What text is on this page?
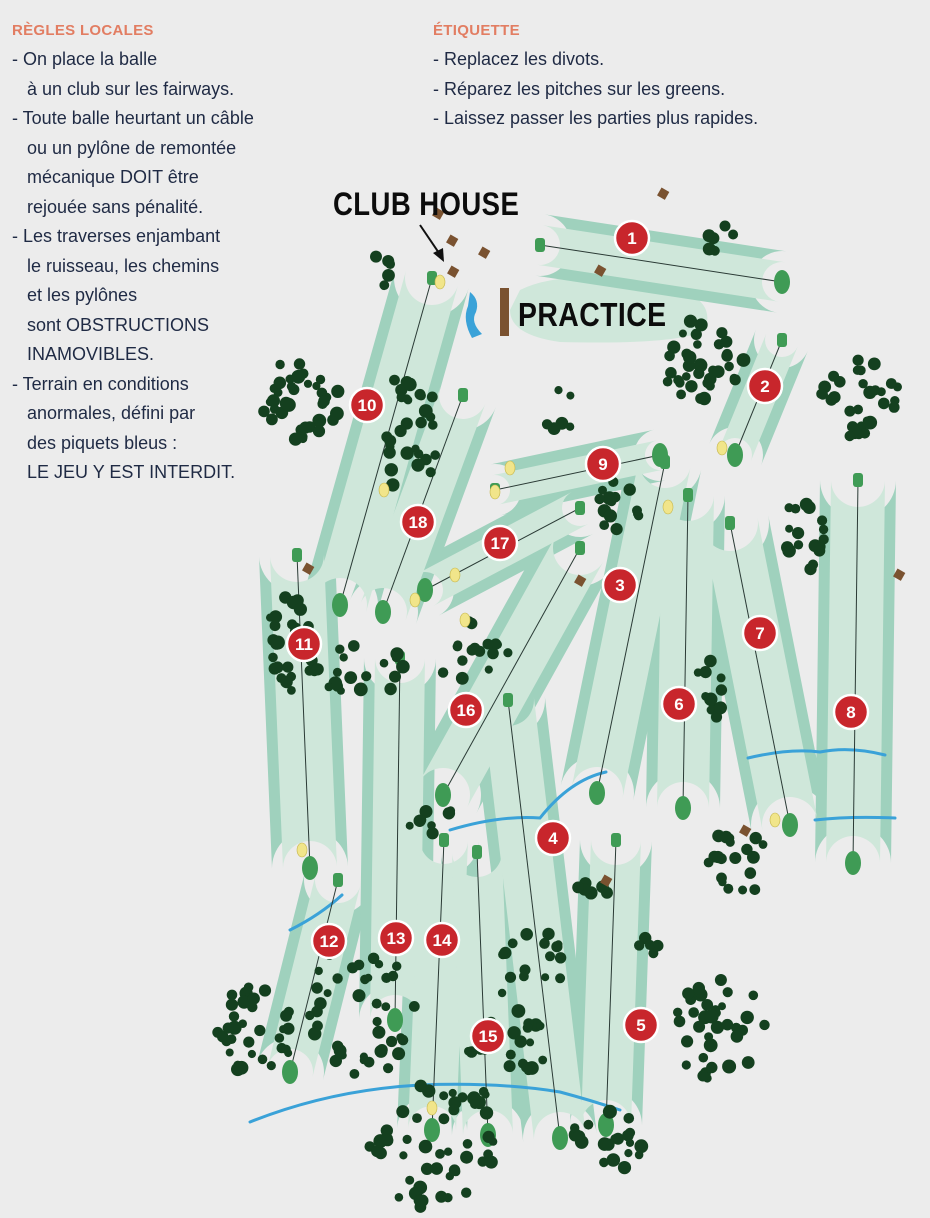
RÈGLES LOCALES
- On place la balle
à un club sur les fairways.
- Toute balle heurtant un câble
ou un pylône de remontée
mécanique DOIT être
rejouée sans pénalité.
- Les traverses enjambant
le ruisseau, les chemins
et les pylônes
sont OBSTRUCTIONS
INAMOVIBLES.
- Terrain en conditions
anormales, défini par
des piquets bleus :
LE JEU Y EST INTERDIT.
ÉTIQUETTE
- Replacez les divots.
- Réparez les pitches sur les greens.
- Laissez passer les parties plus rapides.
1
2
3
4
5
6
7
8
9
10
11
12	13 14
15
16
17
18
CLUB HOUSE
PRACTICE
